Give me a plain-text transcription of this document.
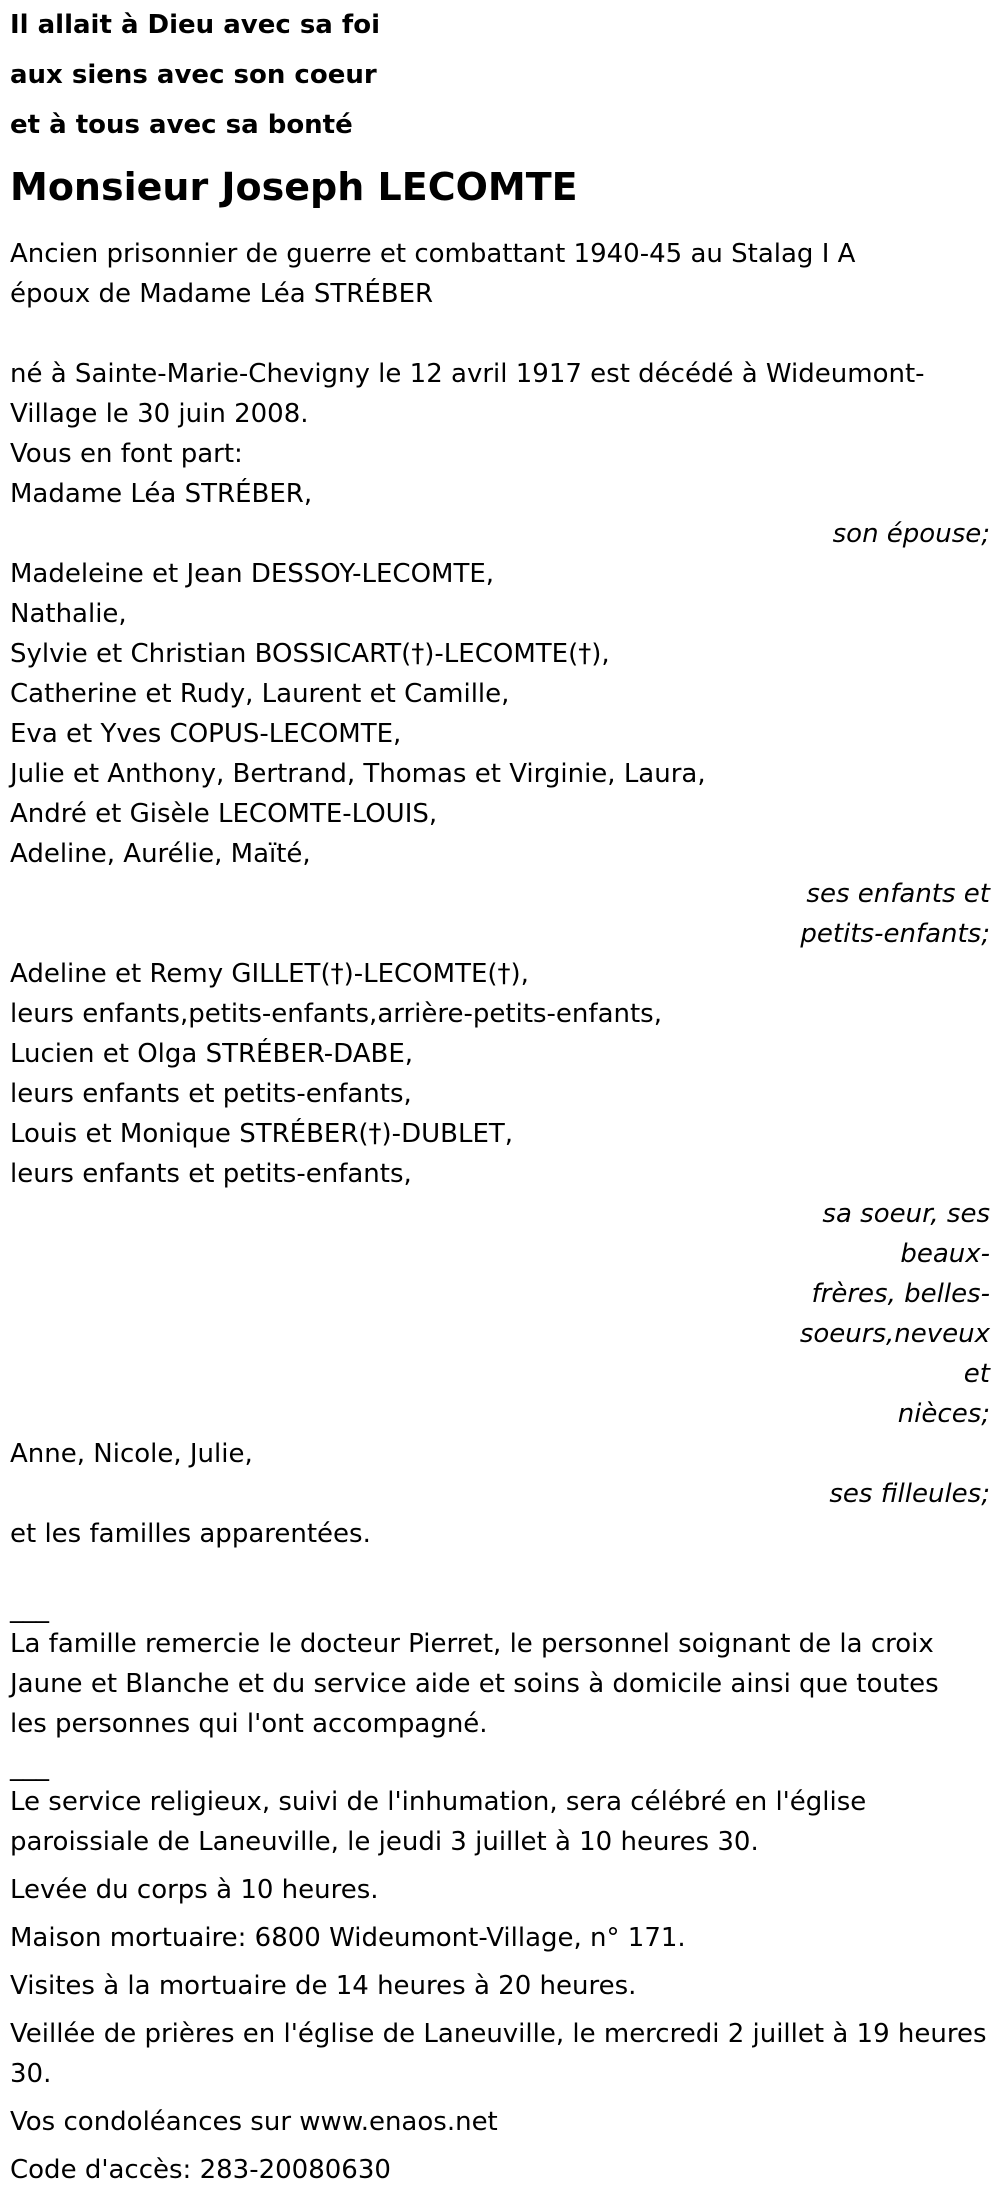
Il allait à Dieu avec sa foi
aux siens avec son coeur
et à tous avec sa bonté
Monsieur Joseph LECOMTE
Ancien prisonnier de guerre et combattant 1940-45 au Stalag I A
époux de Madame Léa STRÉBER
né à Sainte-Marie-Chevigny le 12 avril 1917 est décédé à Wideumont-
Village le 30 juin 2008.
Vous en font part:
Madame Léa STRÉBER,
son épouse;
Madeleine et Jean DESSOY-LECOMTE,
Nathalie,
Sylvie et Christian BOSSICART(†)-LECOMTE(†),
Catherine et Rudy, Laurent et Camille,
Eva et Yves COPUS-LECOMTE,
Julie et Anthony, Bertrand, Thomas et Virginie, Laura,
André et Gisèle LECOMTE-LOUIS,
Adeline, Aurélie, Maïté,
ses enfants et
petits-enfants;
Adeline et Remy GILLET(†)-LECOMTE(†),
leurs enfants,petits-enfants,arrière-petits-enfants,
Lucien et Olga STRÉBER-DABE,
leurs enfants et petits-enfants,
Louis et Monique STRÉBER(†)-DUBLET,
leurs enfants et petits-enfants,
sa soeur, ses beaux-
frères, belles-
soeurs,neveux et
nièces;
Anne, Nicole, Julie,
ses filleules;
et les familles apparentées.
___
La famille remercie le docteur Pierret, le personnel soignant de la croix
Jaune et Blanche et du service aide et soins à domicile ainsi que toutes
les personnes qui l'ont accompagné.
___
Le service religieux, suivi de l'inhumation, sera célébré en l'église
paroissiale de Laneuville, le jeudi 3 juillet à 10 heures 30.
Levée du corps à 10 heures.
Maison mortuaire: 6800 Wideumont-Village, n° 171.
Visites à la mortuaire de 14 heures à 20 heures.
Veillée de prières en l'église de Laneuville, le mercredi 2 juillet à 19 heures
30.
Vos condoléances sur www.enaos.net
Code d'accès: 283-20080630
